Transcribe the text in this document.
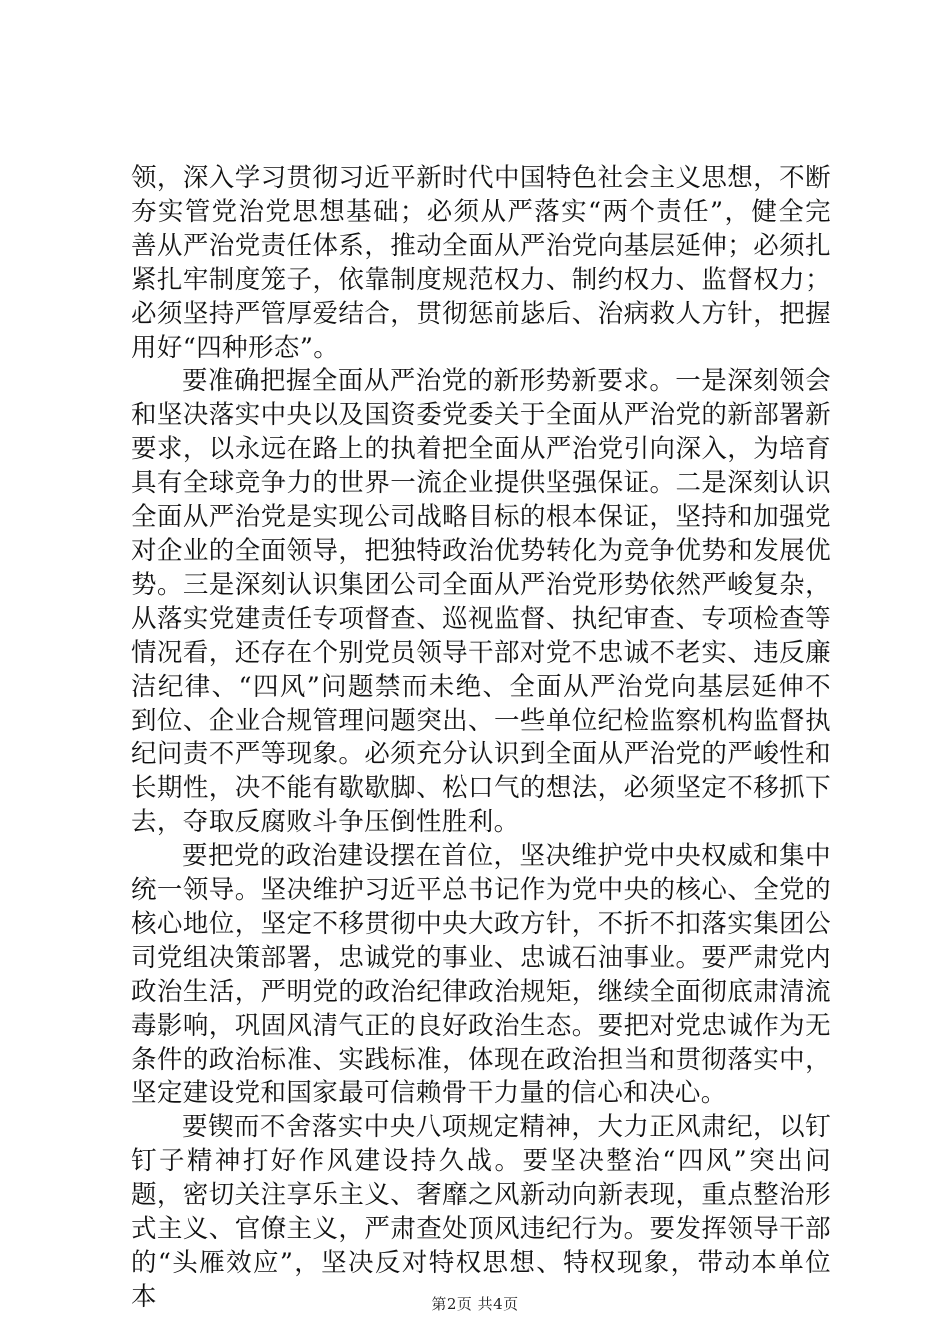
领，深入学习贯彻习近平新时代中国特色社会主义思想，不断夯实管党治党思想基础；必须从严落实“两个责任”，健全完善从严治党责任体系，推动全面从严治党向基层延伸；必须扎紧扎牢制度笼子，依靠制度规范权力、制约权力、监督权力；必须坚持严管厚爱结合，贯彻惩前毖后、治病救人方针，把握用好“四种形态”。

要准确把握全面从严治党的新形势新要求。一是深刻领会和坚决落实中央以及国资委党委关于全面从严治党的新部署新要求，以永远在路上的执着把全面从严治党引向深入，为培育具有全球竞争力的世界一流企业提供坚强保证。二是深刻认识全面从严治党是实现公司战略目标的根本保证，坚持和加强党对企业的全面领导，把独特政治优势转化为竞争优势和发展优势。三是深刻认识集团公司全面从严治党形势依然严峻复杂，从落实党建责任专项督查、巡视监督、执纪审查、专项检查等情况看，还存在个别党员领导干部对党不忠诚不老实、违反廉洁纪律、“四风”问题禁而未绝、全面从严治党向基层延伸不到位、企业合规管理问题突出、一些单位纪检监察机构监督执纪问责不严等现象。必须充分认识到全面从严治党的严峻性和长期性，决不能有歇歇脚、松口气的想法，必须坚定不移抓下去，夺取反腐败斗争压倒性胜利。

要把党的政治建设摆在首位，坚决维护党中央权威和集中统一领导。坚决维护习近平总书记作为党中央的核心、全党的核心地位，坚定不移贯彻中央大政方针，不折不扣落实集团公司党组决策部署，忠诚党的事业、忠诚石油事业。要严肃党内政治生活，严明党的政治纪律政治规矩，继续全面彻底肃清流毒影响，巩固风清气正的良好政治生态。要把对党忠诚作为无条件的政治标准、实践标准，体现在政治担当和贯彻落实中，坚定建设党和国家最可信赖骨干力量的信心和决心。

要锲而不舍落实中央八项规定精神，大力正风肃纪，以钉钉子精神打好作风建设持久战。要坚决整治“四风”突出问题，密切关注享乐主义、奢靡之风新动向新表现，重点整治形式主义、官僚主义，严肃查处顶风违纪行为。要发挥领导干部的“头雁效应”，坚决反对特权思想、特权现象，带动本单位本	第2页 共4页
